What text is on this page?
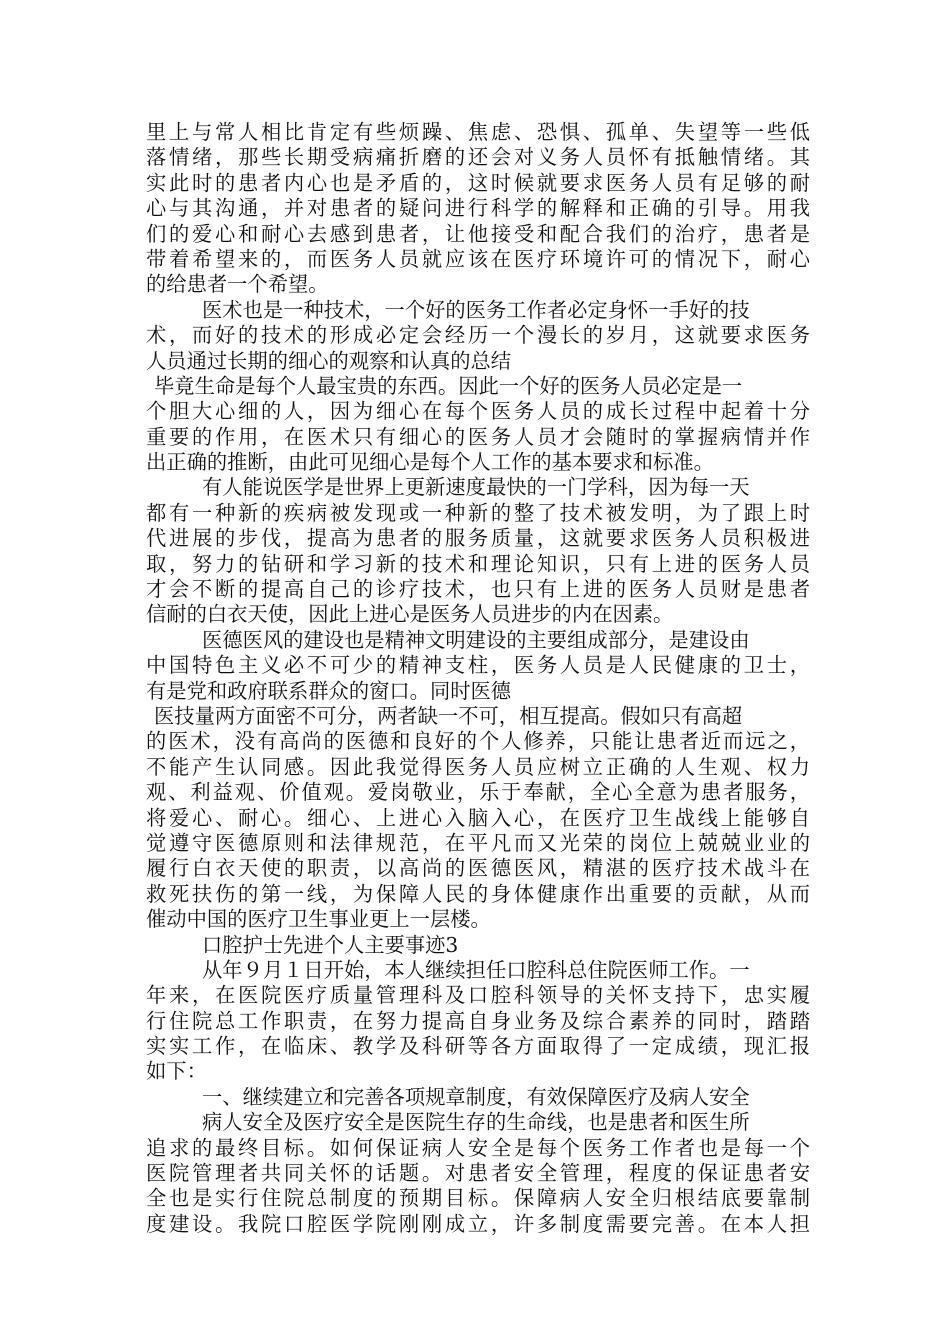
里上与常人相比肯定有些烦躁、焦虑、恐惧、孤单、失望等一些低
落情绪，那些长期受病痛折磨的还会对义务人员怀有抵触情绪。其
实此时的患者内心也是矛盾的，这时候就要求医务人员有足够的耐
心与其沟通，并对患者的疑问进行科学的解释和正确的引导。用我
们的爱心和耐心去感到患者，让他接受和配合我们的治疗，患者是
带着希望来的，而医务人员就应该在医疗环境许可的情况下，耐心
的给患者一个希望。
医术也是一种技术，一个好的医务工作者必定身怀一手好的技
术，而好的技术的形成必定会经历一个漫长的岁月，这就要求医务
人员通过长期的细心的观察和认真的总结
毕竟生命是每个人最宝贵的东西。因此一个好的医务人员必定是一
个胆大心细的人，因为细心在每个医务人员的成长过程中起着十分
重要的作用，在医术只有细心的医务人员才会随时的掌握病情并作
出正确的推断，由此可见细心是每个人工作的基本要求和标准。
有人能说医学是世界上更新速度最快的一门学科，因为每一天
都有一种新的疾病被发现或一种新的整了技术被发明，为了跟上时
代进展的步伐，提高为患者的服务质量，这就要求医务人员积极进
取，努力的钻研和学习新的技术和理论知识，只有上进的医务人员
才会不断的提高自己的诊疗技术，也只有上进的医务人员财是患者
信耐的白衣天使，因此上进心是医务人员进步的内在因素。
医德医风的建设也是精神文明建设的主要组成部分，是建设由
中国特色主义必不可少的精神支柱，医务人员是人民健康的卫士，
有是党和政府联系群众的窗口。同时医德
医技量两方面密不可分，两者缺一不可，相互提高。假如只有高超
的医术，没有高尚的医德和良好的个人修养，只能让患者近而远之，
不能产生认同感。因此我觉得医务人员应树立正确的人生观、权力
观、利益观、价值观。爱岗敬业，乐于奉献，全心全意为患者服务，
将爱心、耐心。细心、上进心入脑入心，在医疗卫生战线上能够自
觉遵守医德原则和法律规范，在平凡而又光荣的岗位上兢兢业业的
履行白衣天使的职责，以高尚的医德医风，精湛的医疗技术战斗在
救死扶伤的第一线，为保障人民的身体健康作出重要的贡献，从而
催动中国的医疗卫生事业更上一层楼。
口腔护士先进个人主要事迹3
从年９月１日开始，本人继续担任口腔科总住院医师工作。一
年来，在医院医疗质量管理科及口腔科领导的关怀支持下，忠实履
行住院总工作职责，在努力提高自身业务及综合素养的同时，踏踏
实实工作，在临床、教学及科研等各方面取得了一定成绩，现汇报
如下：
一、继续建立和完善各项规章制度，有效保障医疗及病人安全
病人安全及医疗安全是医院生存的生命线，也是患者和医生所
追求的最终目标。如何保证病人安全是每个医务工作者也是每一个
医院管理者共同关怀的话题。对患者安全管理，程度的保证患者安
全也是实行住院总制度的预期目标。保障病人安全归根结底要靠制
度建设。我院口腔医学院刚刚成立，许多制度需要完善。在本人担
